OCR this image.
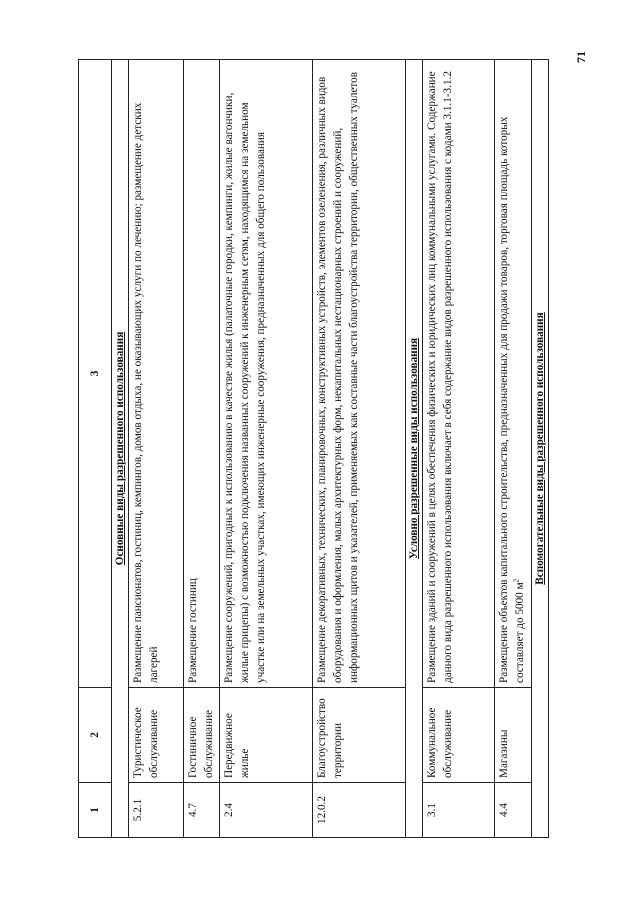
71
1	2	3
Основные виды разрешенного использования		
5.2.1	Туристическое обслуживание	Размещение пансионатов, гостиниц, кемпингов, домов отдыха, не оказывающих услуги по лечению; размещение детских лагерей
4.7	Гостиничное обслуживание	Размещение гостиниц
2.4	Передвижное жилье	Размещение сооружений, пригодных к использованию в качестве жилья (палаточные городки, кемпинги, жилые вагончики, жилые прицепы) с возможностью подключения названных сооружений к инженерным сетям, находящимся на земельном участке или на земельных участках, имеющих инженерные сооружения, предназначенных для общего пользования
12.0.2	Благоустройство территории	Размещение декоративных, технических, планировочных, конструктивных устройств, элементов озеленения, различных видов оборудования и оформления, малых архитектурных форм, некапитальных нестационарных строений и сооружений, информационных щитов и указателей, применяемых как составные части благоустройства территории, общественных туалетов
Условно разрешенные виды использования		
3.1	Коммунальное обслуживание	Размещение зданий и сооружений в целях обеспечения физических и юридических лиц коммунальными услугами. Содержание данного вида разрешенного использования включает в себя содержание видов разрешенного использования с кодами 3.1.1-3.1.2
4.4	Магазины	Размещение объектов капитального строительства, предназначенных для продажи товаров, торговая площадь которых составляет до 5000 $м^2$
Вспомогательные виды разрешенного использования		
